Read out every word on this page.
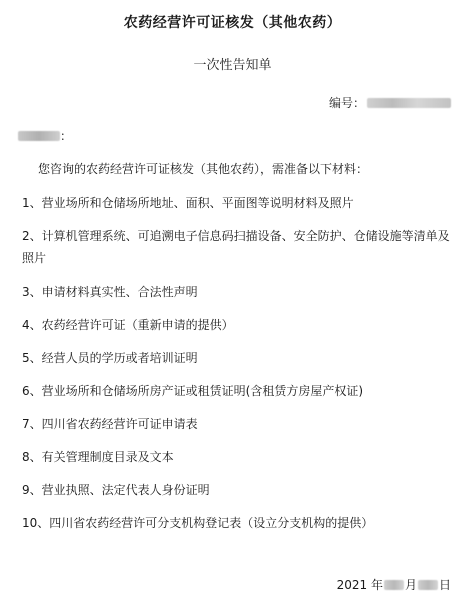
农药经营许可证核发（其他农药）
一次性告知单
编号：
：
您咨询的农药经营许可证核发（其他农药），需准备以下材料：
1、营业场所和仓储场所地址、面积、平面图等说明材料及照片
2、计算机管理系统、可追溯电子信息码扫描设备、安全防护、仓储设施等清单及照片
3、申请材料真实性、合法性声明
4、农药经营许可证（重新申请的提供）
5、经营人员的学历或者培训证明
6、营业场所和仓储场所房产证或租赁证明(含租赁方房屋产权证)
7、四川省农药经营许可证申请表
8、有关管理制度目录及文本
9、营业执照、法定代表人身份证明
10、四川省农药经营许可分支机构登记表（设立分支机构的提供）
2021 年 月 日
